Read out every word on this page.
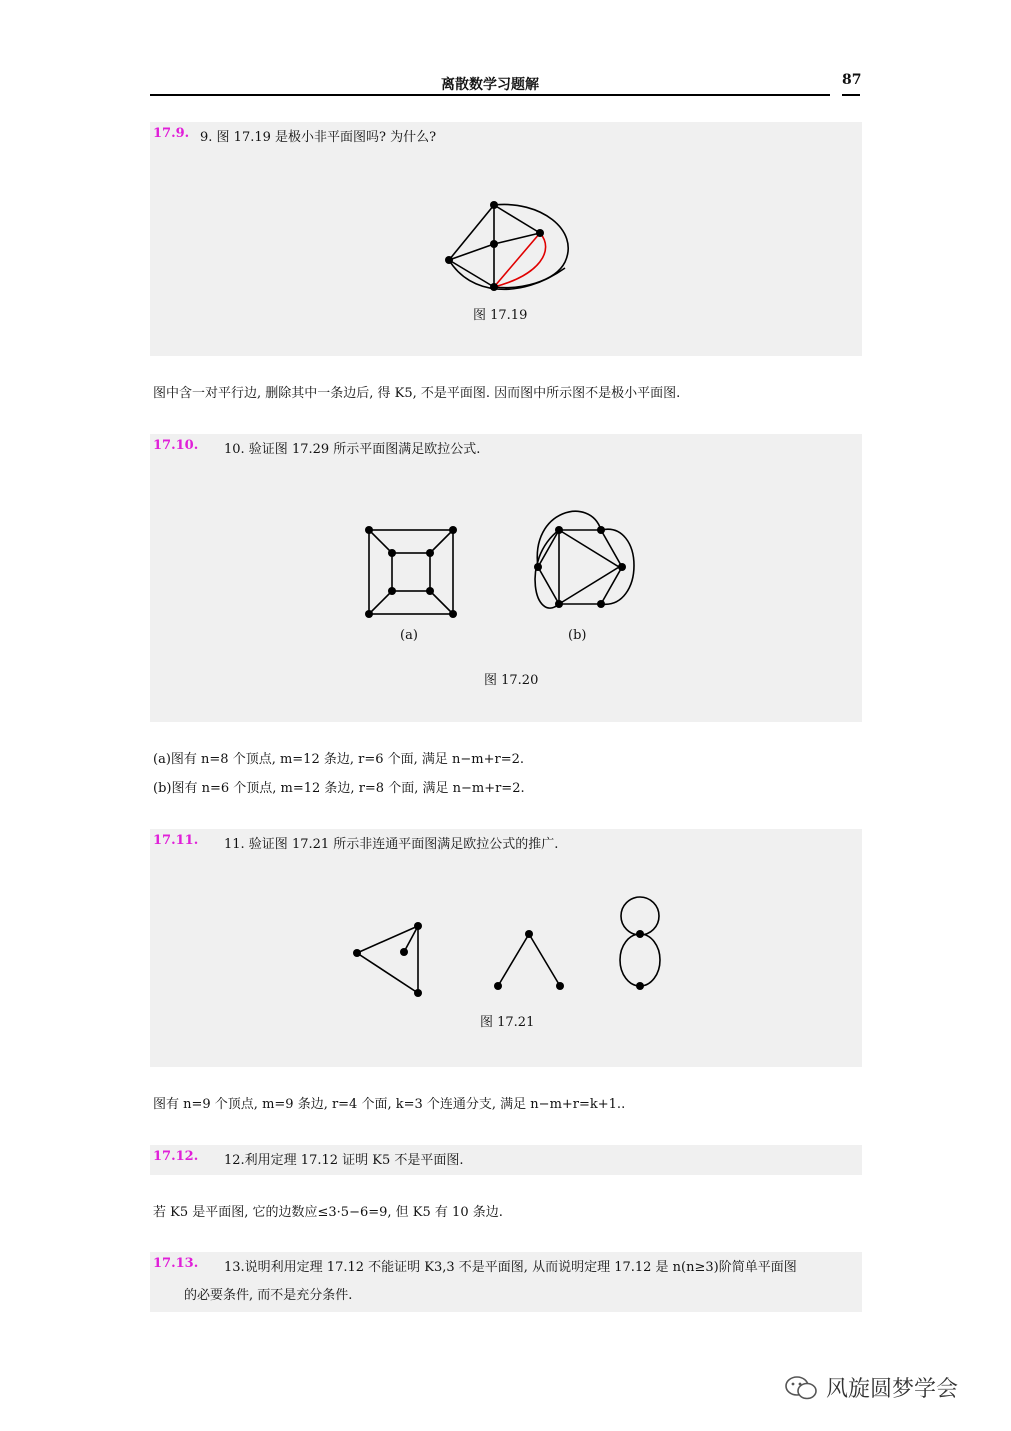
离散数学习题解	87
17.9. 9. 图 17.19 是极小非平面图吗? 为什么?
图 17.19
图中含一对平行边, 删除其中一条边后, 得 K5, 不是平面图. 因而图中所示图不是极小平面图.
17.10. 10. 验证图 17.29 所示平面图满足欧拉公式.
(a)	(b)
图 17.20
(a)图有 n=8 个顶点, m=12 条边, r=6 个面, 满足 n−m+r=2.
(b)图有 n=6 个顶点, m=12 条边, r=8 个面, 满足 n−m+r=2.
17.11. 11. 验证图 17.21 所示非连通平面图满足欧拉公式的推广.
图 17.21
图有 n=9 个顶点, m=9 条边, r=4 个面, k=3 个连通分支, 满足 n−m+r=k+1..
17.12. 12.利用定理 17.12 证明 K5 不是平面图.
若 K5 是平面图, 它的边数应≤3·5−6=9, 但 K5 有 10 条边.
17.13. 13.说明利用定理 17.12 不能证明 K3,3 不是平面图, 从而说明定理 17.12 是 n(n≥3)阶简单平面图
的必要条件, 而不是充分条件.
风旋圆梦学会
